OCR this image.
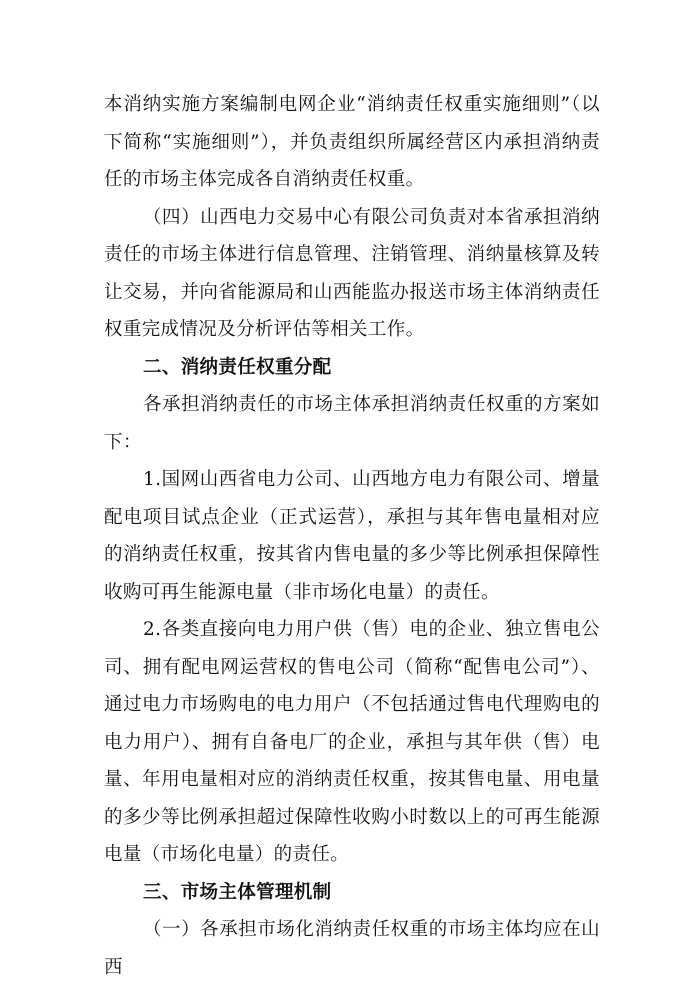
本消纳实施方案编制电网企业“消纳责任权重实施细则”（以下简称“实施细则”），并负责组织所属经营区内承担消纳责任的市场主体完成各自消纳责任权重。

（四）山西电力交易中心有限公司负责对本省承担消纳责任的市场主体进行信息管理、注销管理、消纳量核算及转让交易，并向省能源局和山西能监办报送市场主体消纳责任权重完成情况及分析评估等相关工作。

二、消纳责任权重分配

各承担消纳责任的市场主体承担消纳责任权重的方案如下：

1.国网山西省电力公司、山西地方电力有限公司、增量配电项目试点企业（正式运营），承担与其年售电量相对应的消纳责任权重，按其省内售电量的多少等比例承担保障性收购可再生能源电量（非市场化电量）的责任。

2.各类直接向电力用户供（售）电的企业、独立售电公司、拥有配电网运营权的售电公司（简称“配售电公司”）、通过电力市场购电的电力用户（不包括通过售电代理购电的电力用户）、拥有自备电厂的企业，承担与其年供（售）电量、年用电量相对应的消纳责任权重，按其售电量、用电量的多少等比例承担超过保障性收购小时数以上的可再生能源电量（市场化电量）的责任。

三、市场主体管理机制

（一）各承担市场化消纳责任权重的市场主体均应在山西
